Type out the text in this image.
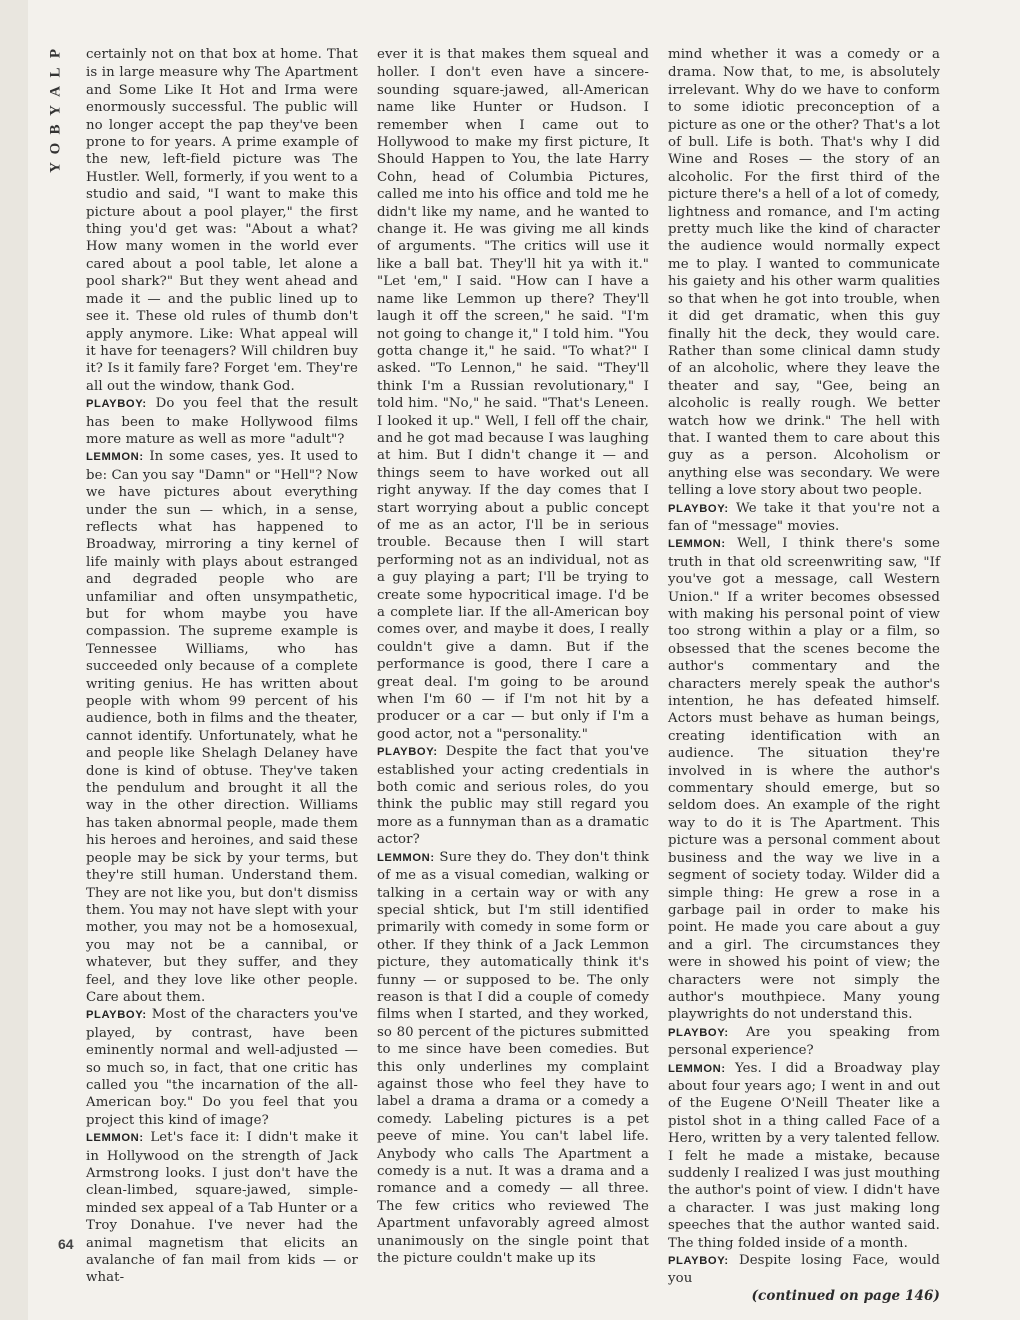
P
L
A
Y
B
O
Y

certainly not on that box at home. That is in large measure why The Apartment and Some Like It Hot and Irma were enormously successful. The public will no longer accept the pap they've been prone to for years. A prime example of the new, left-field picture was The Hustler. Well, formerly, if you went to a studio and said, "I want to make this picture about a pool player," the first thing you'd get was: "About a what? How many women in the world ever cared about a pool table, let alone a pool shark?" But they went ahead and made it — and the public lined up to see it. These old rules of thumb don't apply anymore. Like: What appeal will it have for teenagers? Will children buy it? Is it family fare? Forget 'em. They're all out the window, thank God.

PLAYBOY: Do you feel that the result has been to make Hollywood films more mature as well as more "adult"?

LEMMON: In some cases, yes. It used to be: Can you say "Damn" or "Hell"? Now we have pictures about everything under the sun — which, in a sense, reflects what has happened to Broadway, mirroring a tiny kernel of life mainly with plays about estranged and degraded people who are unfamiliar and often unsympathetic, but for whom maybe you have compassion. The supreme example is Tennessee Williams, who has succeeded only because of a complete writing genius. He has written about people with whom 99 percent of his audience, both in films and the theater, cannot identify. Unfortunately, what he and people like Shelagh Delaney have done is kind of obtuse. They've taken the pendulum and brought it all the way in the other direction. Williams has taken abnormal people, made them his heroes and heroines, and said these people may be sick by your terms, but they're still human. Understand them. They are not like you, but don't dismiss them. You may not have slept with your mother, you may not be a homosexual, you may not be a cannibal, or whatever, but they suffer, and they feel, and they love like other people. Care about them.

PLAYBOY: Most of the characters you've played, by contrast, have been eminently normal and well-adjusted — so much so, in fact, that one critic has called you "the incarnation of the all-American boy." Do you feel that you project this kind of image?

LEMMON: Let's face it: I didn't make it in Hollywood on the strength of Jack Armstrong looks. I just don't have the clean-limbed, square-jawed, simple-minded sex appeal of a Tab Hunter or a Troy Donahue. I've never had the animal magnetism that elicits an avalanche of fan mail from kids — or what-

ever it is that makes them squeal and holler. I don't even have a sincere-sounding square-jawed, all-American name like Hunter or Hudson. I remember when I came out to Hollywood to make my first picture, It Should Happen to You, the late Harry Cohn, head of Columbia Pictures, called me into his office and told me he didn't like my name, and he wanted to change it. He was giving me all kinds of arguments. "The critics will use it like a ball bat. They'll hit ya with it." "Let 'em," I said. "How can I have a name like Lemmon up there? They'll laugh it off the screen," he said. "I'm not going to change it," I told him. "You gotta change it," he said. "To what?" I asked. "To Lennon," he said. "They'll think I'm a Russian revolutionary," I told him. "No," he said. "That's Leneen. I looked it up." Well, I fell off the chair, and he got mad because I was laughing at him. But I didn't change it — and things seem to have worked out all right anyway. If the day comes that I start worrying about a public concept of me as an actor, I'll be in serious trouble. Because then I will start performing not as an individual, not as a guy playing a part; I'll be trying to create some hypocritical image. I'd be a complete liar. If the all-American boy comes over, and maybe it does, I really couldn't give a damn. But if the performance is good, there I care a great deal. I'm going to be around when I'm 60 — if I'm not hit by a producer or a car — but only if I'm a good actor, not a "personality."

PLAYBOY: Despite the fact that you've established your acting credentials in both comic and serious roles, do you think the public may still regard you more as a funnyman than as a dramatic actor?

LEMMON: Sure they do. They don't think of me as a visual comedian, walking or talking in a certain way or with any special shtick, but I'm still identified primarily with comedy in some form or other. If they think of a Jack Lemmon picture, they automatically think it's funny — or supposed to be. The only reason is that I did a couple of comedy films when I started, and they worked, so 80 percent of the pictures submitted to me since have been comedies. But this only underlines my complaint against those who feel they have to label a drama a drama or a comedy a comedy. Labeling pictures is a pet peeve of mine. You can't label life. Anybody who calls The Apartment a comedy is a nut. It was a drama and a romance and a comedy — all three. The few critics who reviewed The Apartment unfavorably agreed almost unanimously on the single point that the picture couldn't make up its

mind whether it was a comedy or a drama. Now that, to me, is absolutely irrelevant. Why do we have to conform to some idiotic preconception of a picture as one or the other? That's a lot of bull. Life is both. That's why I did Wine and Roses — the story of an alcoholic. For the first third of the picture there's a hell of a lot of comedy, lightness and romance, and I'm acting pretty much like the kind of character the audience would normally expect me to play. I wanted to communicate his gaiety and his other warm qualities so that when he got into trouble, when it did get dramatic, when this guy finally hit the deck, they would care. Rather than some clinical damn study of an alcoholic, where they leave the theater and say, "Gee, being an alcoholic is really rough. We better watch how we drink." The hell with that. I wanted them to care about this guy as a person. Alcoholism or anything else was secondary. We were telling a love story about two people.

PLAYBOY: We take it that you're not a fan of "message" movies.

LEMMON: Well, I think there's some truth in that old screenwriting saw, "If you've got a message, call Western Union." If a writer becomes obsessed with making his personal point of view too strong within a play or a film, so obsessed that the scenes become the author's commentary and the characters merely speak the author's intention, he has defeated himself. Actors must behave as human beings, creating identification with an audience. The situation they're involved in is where the author's commentary should emerge, but so seldom does. An example of the right way to do it is The Apartment. This picture was a personal comment about business and the way we live in a segment of society today. Wilder did a simple thing: He grew a rose in a garbage pail in order to make his point. He made you care about a guy and a girl. The circumstances they were in showed his point of view; the characters were not simply the author's mouthpiece. Many young playwrights do not understand this.

PLAYBOY: Are you speaking from personal experience?

LEMMON: Yes. I did a Broadway play about four years ago; I went in and out of the Eugene O'Neill Theater like a pistol shot in a thing called Face of a Hero, written by a very talented fellow. I felt he made a mistake, because suddenly I realized I was just mouthing the author's point of view. I didn't have a character. I was just making long speeches that the author wanted said. The thing folded inside of a month.

PLAYBOY: Despite losing Face, would you

(continued on page 146)

64
